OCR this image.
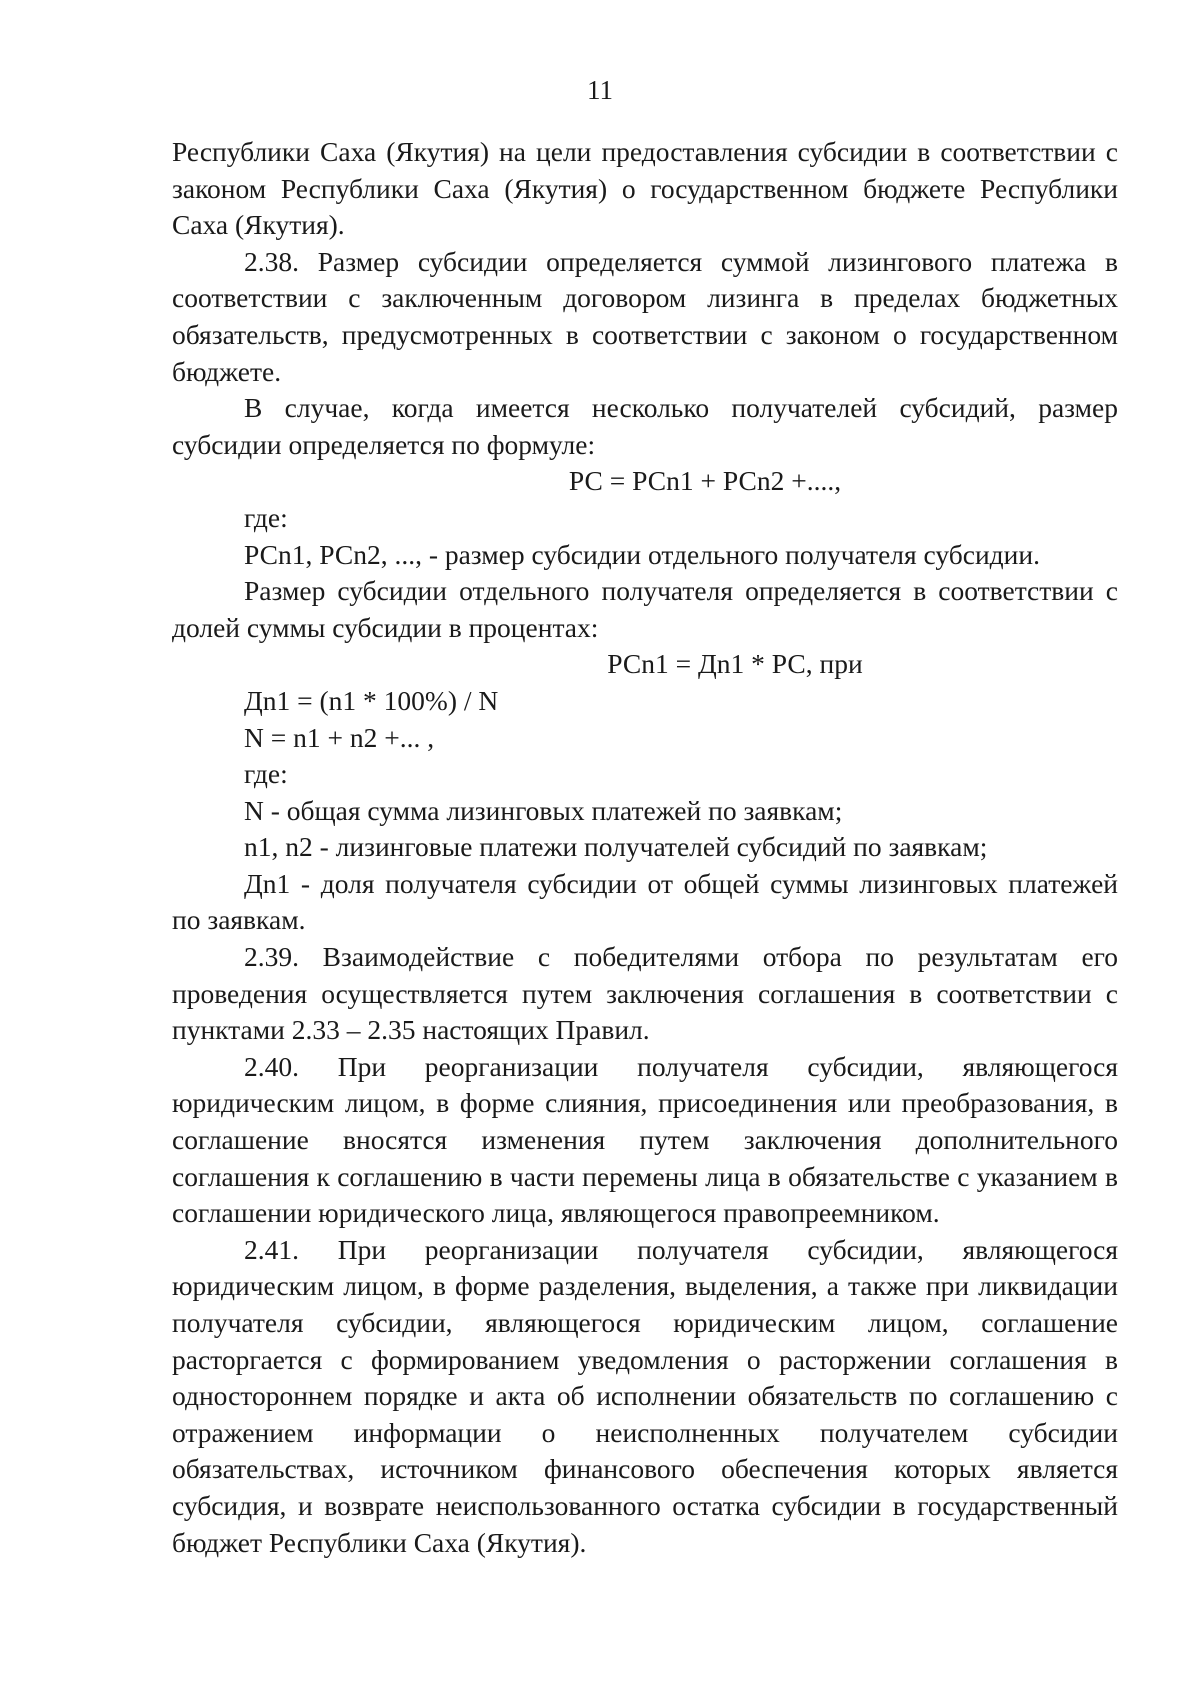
11

Республики Саха (Якутия) на цели предоставления субсидии в соответствии с законом Республики Саха (Якутия) о государственном бюджете Республики Саха (Якутия).

2.38. Размер субсидии определяется суммой лизингового платежа в соответствии с заключенным договором лизинга в пределах бюджетных обязательств, предусмотренных в соответствии с законом о государственном бюджете.

В случае, когда имеется несколько получателей субсидий, размер субсидии определяется по формуле:

РС = РСn1 + РСn2 +....,

где:

РСn1, РСn2, ..., - размер субсидии отдельного получателя субсидии.

Размер субсидии отдельного получателя определяется в соответствии с долей суммы субсидии в процентах:

РСn1 = Дn1 * РС, при

Дn1 = (n1 * 100%) / N

N = n1 + n2 +... ,

где:

N - общая сумма лизинговых платежей по заявкам;

n1, n2 - лизинговые платежи получателей субсидий по заявкам;

Дn1 - доля получателя субсидии от общей суммы лизинговых платежей по заявкам.

2.39. Взаимодействие с победителями отбора по результатам его проведения осуществляется путем заключения соглашения в соответствии с пунктами 2.33 – 2.35 настоящих Правил.

2.40. При реорганизации получателя субсидии, являющегося юридическим лицом, в форме слияния, присоединения или преобразования, в соглашение вносятся изменения путем заключения дополнительного соглашения к соглашению в части перемены лица в обязательстве с указанием в соглашении юридического лица, являющегося правопреемником.

2.41. При реорганизации получателя субсидии, являющегося юридическим лицом, в форме разделения, выделения, а также при ликвидации получателя субсидии, являющегося юридическим лицом, соглашение расторгается с формированием уведомления о расторжении соглашения в одностороннем порядке и акта об исполнении обязательств по соглашению с отражением информации о неисполненных получателем субсидии обязательствах, источником финансового обеспечения которых является субсидия, и возврате неиспользованного остатка субсидии в государственный бюджет Республики Саха (Якутия).
